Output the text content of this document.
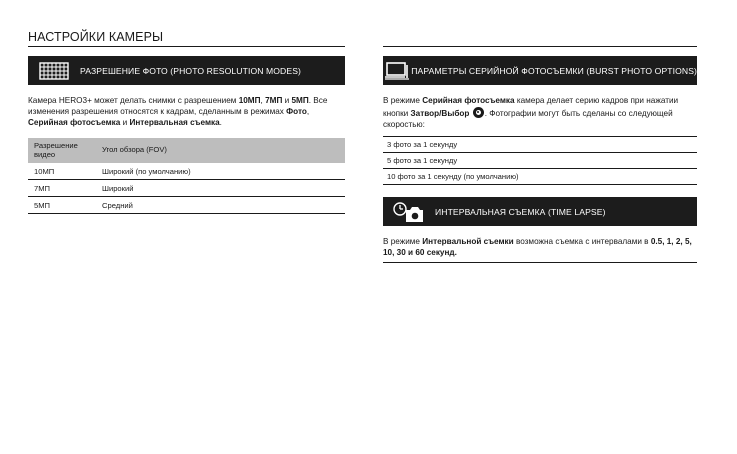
НАСТРОЙКИ КАМЕРЫ
РАЗРЕШЕНИЕ ФОТО (PHOTO RESOLUTION MODES)
Камера HERO3+ может делать снимки с разрешением 10МП, 7МП и 5МП. Все изменения разрешения относятся к кадрам, сделанным в режимах Фото, Серийная фотосъемка и Интервальная съемка.
Разрешение видео	Угол обзора (FOV)
10МП	Широкий (по умолчанию)
7МП	Широкий
5МП	Средний
ПАРАМЕТРЫ СЕРИЙНОЙ ФОТОСЪЕМКИ (BURST PHOTO OPTIONS)
В режиме Серийная фотосъемка камера делает серию кадров при нажатии кнопки Затвор/Выбор . Фотографии могут быть сделаны со следующей скоростью:
3 фото за 1 секунду
5 фото за 1 секунду
10 фото за 1 секунду (по умолчанию)
ИНТЕРВАЛЬНАЯ СЪЕМКА (TIME LAPSE)
В режиме Интервальной съемки возможна съемка с интервалами в 0.5, 1, 2, 5, 10, 30 и 60 секунд.
